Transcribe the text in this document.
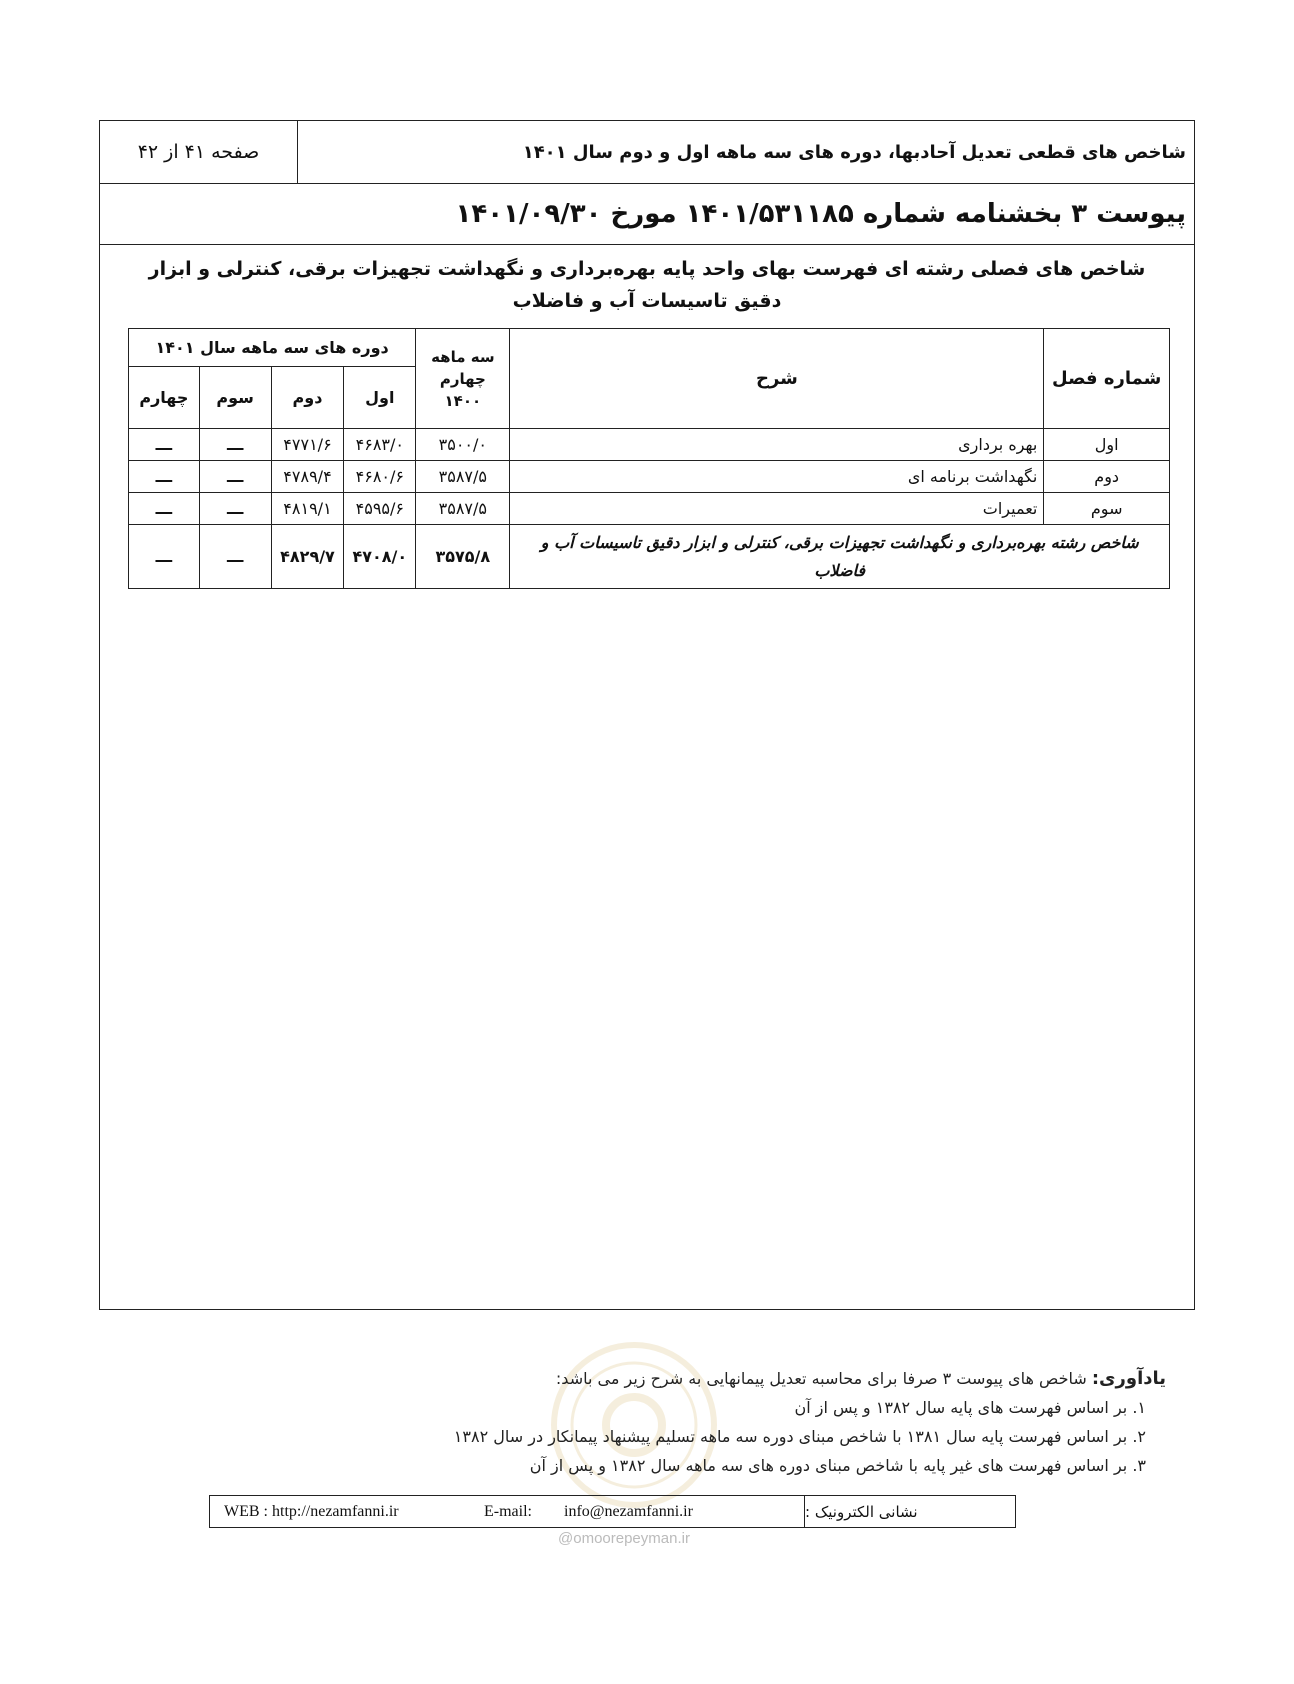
شاخص های قطعی تعدیل آحادبها، دوره های سه ماهه اول و دوم سال ۱۴۰۱
صفحه ۴۱ از ۴۲
پیوست ۳ بخشنامه شماره ۱۴۰۱/۵۳۱۱۸۵ مورخ ۱۴۰۱/۰۹/۳۰
شاخص های فصلی رشته ای فهرست بهای واحد پایه بهره‌برداری و نگهداشت تجهیزات برقی، کنترلی و ابزار دقیق تاسیسات آب و فاضلاب
شماره فصل	شرح	سه ماهه چهارم ۱۴۰۰	دوره های سه ماهه سال ۱۴۰۱			
			اول	دوم	سوم	چهارم
اول	بهره برداری	۳۵۰۰/۰	۴۶۸۳/۰	۴۷۷۱/۶	ـــ	ـــ
دوم	نگهداشت برنامه ای	۳۵۸۷/۵	۴۶۸۰/۶	۴۷۸۹/۴	ـــ	ـــ
سوم	تعمیرات	۳۵۸۷/۵	۴۵۹۵/۶	۴۸۱۹/۱	ـــ	ـــ
شاخص رشته بهره‌برداری و نگهداشت تجهیزات برقی، کنترلی و ابزار دقیق تاسیسات آب و فاضلاب		۳۵۷۵/۸	۴۷۰۸/۰	۴۸۲۹/۷	ـــ	ـــ
یادآوری: شاخص های پیوست ۳ صرفا برای محاسبه تعدیل پیمانهایی به شرح زیر می باشد:
۱. بر اساس فهرست های پایه سال ۱۳۸۲ و پس از آن
۲. بر اساس فهرست پایه سال ۱۳۸۱ با شاخص مبنای دوره سه ماهه تسلیم پیشنهاد پیمانکار در سال ۱۳۸۲
۳. بر اساس فهرست های غیر پایه با شاخص مبنای دوره های سه ماهه سال ۱۳۸۲ و پس از آن
WEB : http://nezamfanni.ir	E-mail:	info@nezamfanni.ir	نشانی الکترونیک :
@omoorepeyman.ir
